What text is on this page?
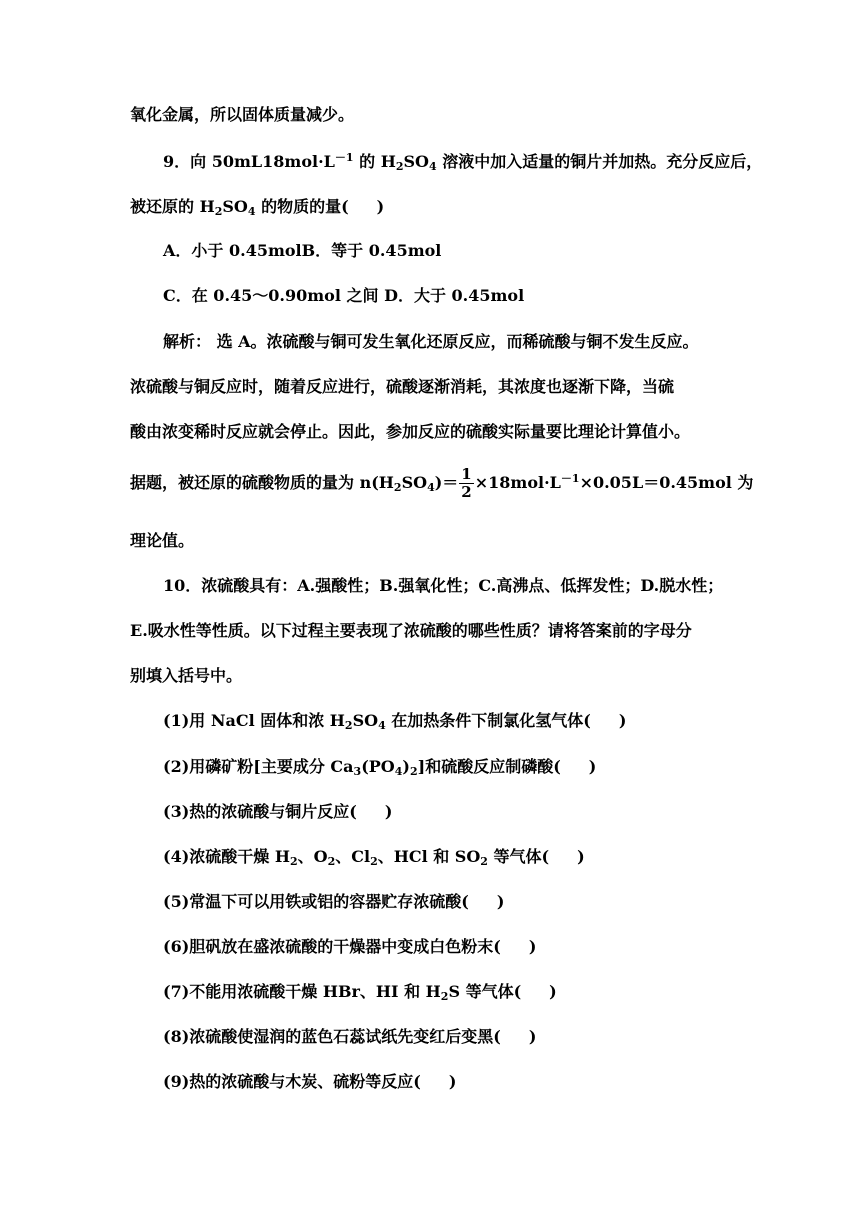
氧化金属，所以固体质量减少。
9．向 $50mL18mol\cdot L^{-1}$ 的 $H_2SO_4$ 溶液中加入适量的铜片并加热。充分反应后，
被还原的 $H_2SO_4$ 的物质的量( )
A．小于 0.45molB．等于 0.45mol
C．在 0.45～0.90mol 之间 D．大于 0.45mol
解析： 选 A。浓硫酸与铜可发生氧化还原反应，而稀硫酸与铜不发生反应。
浓硫酸与铜反应时，随着反应进行，硫酸逐渐消耗，其浓度也逐渐下降，当硫
酸由浓变稀时反应就会停止。因此，参加反应的硫酸实际量要比理论计算值小。
据题，被还原的硫酸物质的量为 $n(H_2SO_4)= \frac{1}{2} \times 18mol\cdot L^{-1}\times 0.05L=0.45mol$ 为
理论值。
10．浓硫酸具有：A.强酸性；B.强氧化性；C.高沸点、低挥发性；D.脱水性；
E.吸水性等性质。以下过程主要表现了浓硫酸的哪些性质？请将答案前的字母分
别填入括号中。
(1)用 NaCl 固体和浓 $H_2SO_4$ 在加热条件下制氯化氢气体( )
(2)用磷矿粉[主要成分 $Ca_3(PO_4)_2$]和硫酸反应制磷酸( )
(3)热的浓硫酸与铜片反应( )
(4)浓硫酸干燥 $H_2$、$O_2$、$Cl_2$、HCl 和 $SO_2$ 等气体( )
(5)常温下可以用铁或铝的容器贮存浓硫酸( )
(6)胆矾放在盛浓硫酸的干燥器中变成白色粉末( )
(7)不能用浓硫酸干燥 HBr、HI 和 $H_2S$ 等气体( )
(8)浓硫酸使湿润的蓝色石蕊试纸先变红后变黑( )
(9)热的浓硫酸与木炭、硫粉等反应( )
